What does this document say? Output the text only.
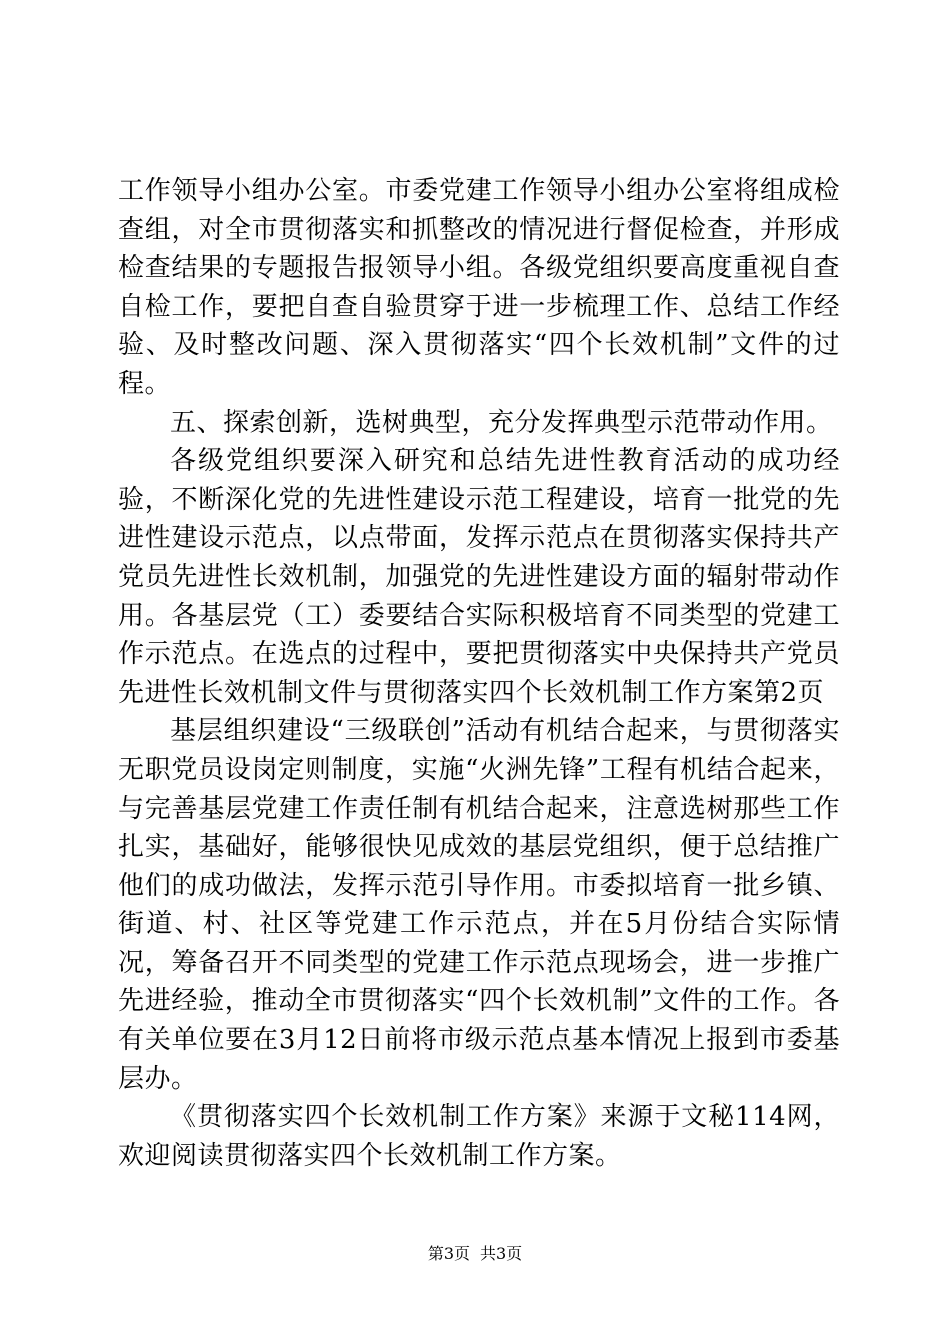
工作领导小组办公室。市委党建工作领导小组办公室将组成检查组，对全市贯彻落实和抓整改的情况进行督促检查，并形成检查结果的专题报告报领导小组。各级党组织要高度重视自查自检工作，要把自查自验贯穿于进一步梳理工作、总结工作经验、及时整改问题、深入贯彻落实“四个长效机制”文件的过程。

五、探索创新，选树典型，充分发挥典型示范带动作用。

各级党组织要深入研究和总结先进性教育活动的成功经验，不断深化党的先进性建设示范工程建设，培育一批党的先进性建设示范点，以点带面，发挥示范点在贯彻落实保持共产党员先进性长效机制，加强党的先进性建设方面的辐射带动作用。各基层党（工）委要结合实际积极培育不同类型的党建工作示范点。在选点的过程中，要把贯彻落实中央保持共产党员先进性长效机制文件与贯彻落实四个长效机制工作方案第2页

基层组织建设“三级联创”活动有机结合起来，与贯彻落实无职党员设岗定则制度，实施“火洲先锋”工程有机结合起来，与完善基层党建工作责任制有机结合起来，注意选树那些工作扎实，基础好，能够很快见成效的基层党组织，便于总结推广他们的成功做法，发挥示范引导作用。市委拟培育一批乡镇、街道、村、社区等党建工作示范点，并在5月份结合实际情况，筹备召开不同类型的党建工作示范点现场会，进一步推广先进经验，推动全市贯彻落实“四个长效机制”文件的工作。各有关单位要在3月12日前将市级示范点基本情况上报到市委基层办。

《贯彻落实四个长效机制工作方案》来源于文秘114网，欢迎阅读贯彻落实四个长效机制工作方案。

第3页 共3页
